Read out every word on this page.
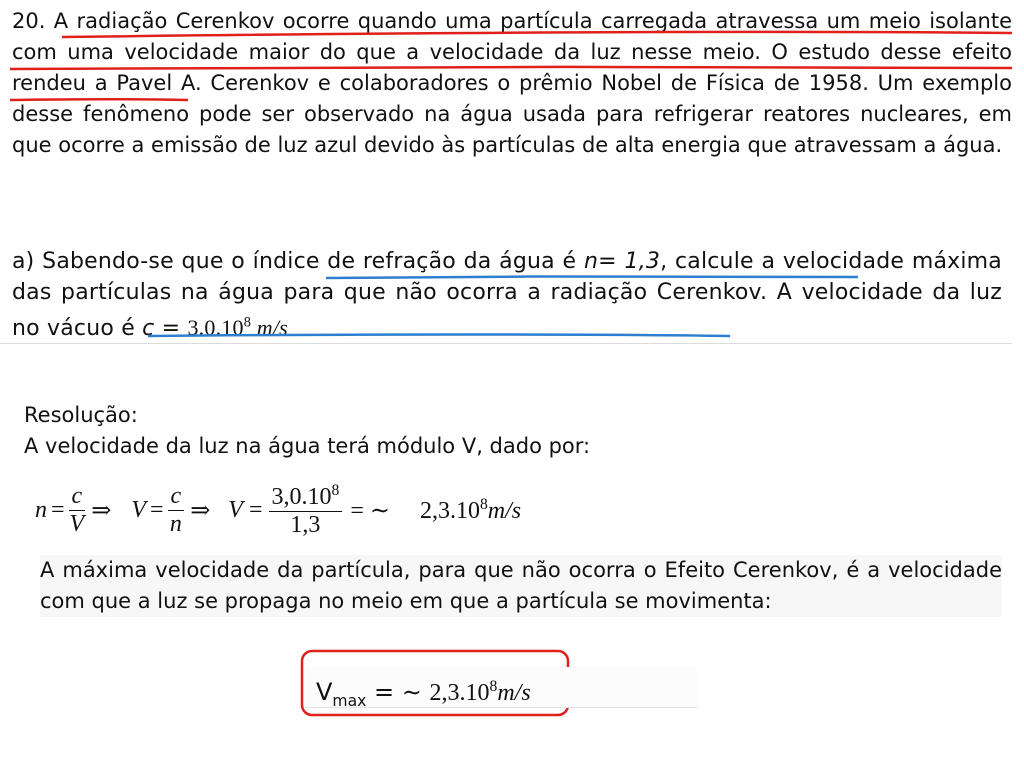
20. A radiação Cerenkov ocorre quando uma partícula carregada atravessa um meio isolante com uma velocidade maior do que a velocidade da luz nesse meio. O estudo desse efeito rendeu a Pavel A. Cerenkov e colaboradores o prêmio Nobel de Física de 1958. Um exemplo desse fenômeno pode ser observado na água usada para refrigerar reatores nucleares, em que ocorre a emissão de luz azul devido às partículas de alta energia que atravessam a água.
a) Sabendo-se que o índice de refração da água é n= 1,3, calcule a velocidade máxima das partículas na água para que não ocorra a radiação Cerenkov. A velocidade da luz no vácuo é $c = 3.0.10^8$ m/s
Resolução:
A velocidade da luz na água terá módulo V, dado por:
$n = \frac{c}{V}$ ⇒ $V = \frac{c}{n}$ ⇒ $V = \frac{3,0.10^8}{1,3}$ = ∼ 2,3.10$^8$m/s
A máxima velocidade da partícula, para que não ocorra o Efeito Cerenkov, é a velocidade com que a luz se propaga no meio em que a partícula se movimenta:
$V_{max}$ = ∼ 2,3.10$^8$m/s
